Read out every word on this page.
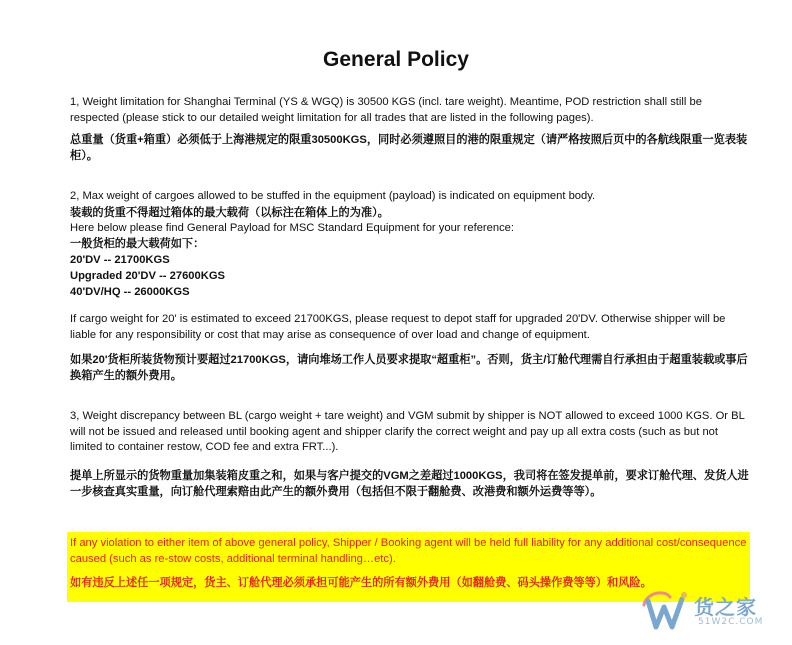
General Policy

1, Weight limitation for Shanghai Terminal (YS & WGQ) is 30500 KGS (incl. tare weight). Meantime, POD restriction shall still be respected (please stick to our detailed weight limitation for all trades that are listed in the following pages).

总重量（货重+箱重）必须低于上海港规定的限重30500KGS，同时必须遵照目的港的限重规定（请严格按照后页中的各航线限重一览表装柜）。

2, Max weight of cargoes allowed to be stuffed in the equipment (payload) is indicated on equipment body.

装载的货重不得超过箱体的最大载荷（以标注在箱体上的为准）。

Here below please find General Payload for MSC Standard Equipment for your reference:

一般货柜的最大载荷如下：

20'DV -- 21700KGS

Upgraded 20'DV -- 27600KGS

40'DV/HQ -- 26000KGS

If cargo weight for 20' is estimated to exceed 21700KGS, please request to depot staff for upgraded 20'DV. Otherwise shipper will be liable for any responsibility or cost that may arise as consequence of over load and change of equipment.

如果20'货柜所装货物预计要超过21700KGS，请向堆场工作人员要求提取“超重柜”。否则，货主/订舱代理需自行承担由于超重装载或事后换箱产生的额外费用。

3, Weight discrepancy between BL (cargo weight + tare weight) and VGM submit by shipper is NOT allowed to exceed 1000 KGS. Or BL will not be issued and released until booking agent and shipper clarify the correct weight and pay up all extra costs (such as but not limited to container restow, COD fee and extra FRT...).

提单上所显示的货物重量加集装箱皮重之和，如果与客户提交的VGM之差超过1000KGS，我司将在签发提单前，要求订舱代理、发货人进一步核查真实重量，向订舱代理索赔由此产生的额外费用（包括但不限于翻舱费、改港费和额外运费等等）。

If any violation to either item of above general policy, Shipper / Booking agent will be held full liability for any additional cost/consequence caused (such as re-stow costs, additional terminal handling…etc).

如有违反上述任一项规定，货主、订舱代理必须承担可能产生的所有额外费用（如翻舱费、码头操作费等等）和风险。

货之家
51W2C.COM
